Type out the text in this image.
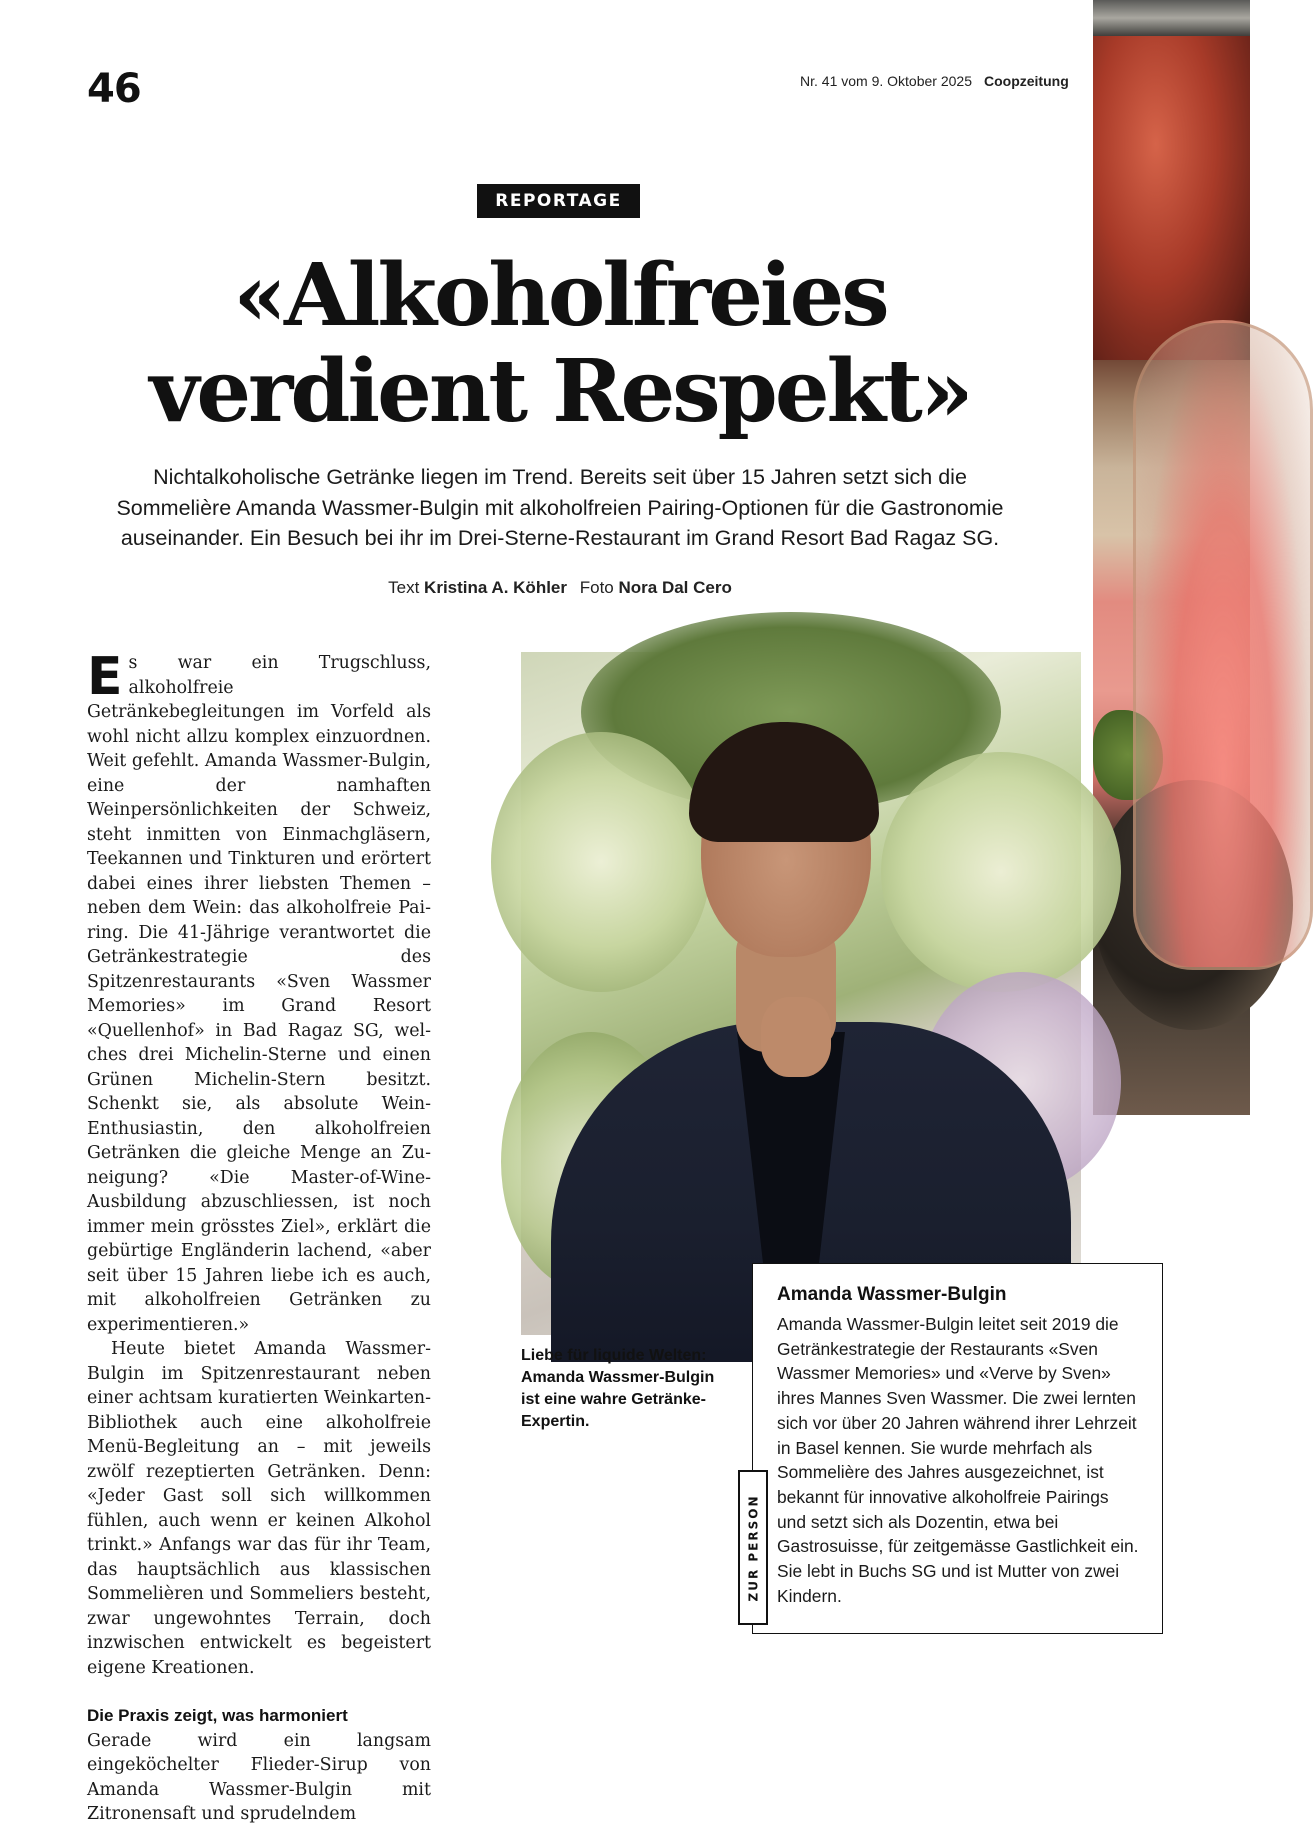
46	Nr. 41 vom 9. Oktober 2025 Coopzeitung
REPORTAGE
«Alkoholfreies
verdient Respekt»

Nichtalkoholische Getränke liegen im Trend. Bereits seit über 15 Jahren setzt sich die Sommelière Amanda Wassmer-Bulgin mit alkoholfreien Pairing-Optionen für die Gastronomie auseinander. Ein Besuch bei ihr im Drei-Sterne-Restaurant im Grand Resort Bad Ragaz SG.

Text Kristina A. Köhler Foto Nora Dal Cero

Es war ein Trugschluss, alkoholfreie Getränkebegleitungen im Vorfeld als wohl nicht allzu komplex einzuordnen. Weit gefehlt. Amanda Wassmer-Bulgin, eine der namhaften Weinpersönlichkeiten der Schweiz, steht inmitten von Einmachgläsern, Teekannen und Tinkturen und erörtert dabei eines ihrer liebsten Themen – neben dem Wein: das alkoholfreie Pairing. Die 41-Jährige verantwortet die Getränkestrategie des Spitzenrestaurants «Sven Wassmer Memories» im Grand Resort «Quellenhof» in Bad Ragaz SG, welches drei Michelin-Sterne und einen Grünen Michelin-Stern besitzt. Schenkt sie, als absolute Wein-Enthusiastin, den alkoholfreien Getränken die gleiche Menge an Zuneigung? «Die Master-of-Wine-Ausbildung abzuschliessen, ist noch immer mein grösstes Ziel», erklärt die gebürtige Engländerin lachend, «aber seit über 15 Jahren liebe ich es auch, mit alkoholfreien Getränken zu experimentieren.»

Heute bietet Amanda Wassmer-Bulgin im Spitzenrestaurant neben einer achtsam kuratierten Weinkarten-Bibliothek auch eine alkoholfreie Menü-Begleitung an – mit jeweils zwölf rezeptierten Getränken. Denn: «Jeder Gast soll sich willkommen fühlen, auch wenn er keinen Alkohol trinkt.» Anfangs war das für ihr Team, das hauptsächlich aus klassischen Sommelièren und Sommeliers besteht, zwar ungewohntes Terrain, doch inzwischen entwickelt es begeistert eigene Kreationen.

Die Praxis zeigt, was harmoniert

Gerade wird ein langsam eingeköchelter Flieder-Sirup von Amanda Wassmer-Bulgin mit Zitronensaft und sprudelndem

Liebe für liquide Welten: Amanda Wassmer-Bulgin ist eine wahre Getränke-Expertin.

Amanda Wassmer-Bulgin

Amanda Wassmer-Bulgin leitet seit 2019 die Getränkestrategie der Restaurants «Sven Wassmer Memories» und «Verve by Sven» ihres Mannes Sven Wassmer. Die zwei lernten sich vor über 20 Jahren während ihrer Lehrzeit in Basel kennen. Sie wurde mehrfach als Sommelière des Jahres ausgezeichnet, ist bekannt für innovative alkoholfreie Pairings und setzt sich als Dozentin, etwa bei Gastrosuisse, für zeitgemässe Gastlichkeit ein. Sie lebt in Buchs SG und ist Mutter von zwei Kindern.

ZUR PERSON
